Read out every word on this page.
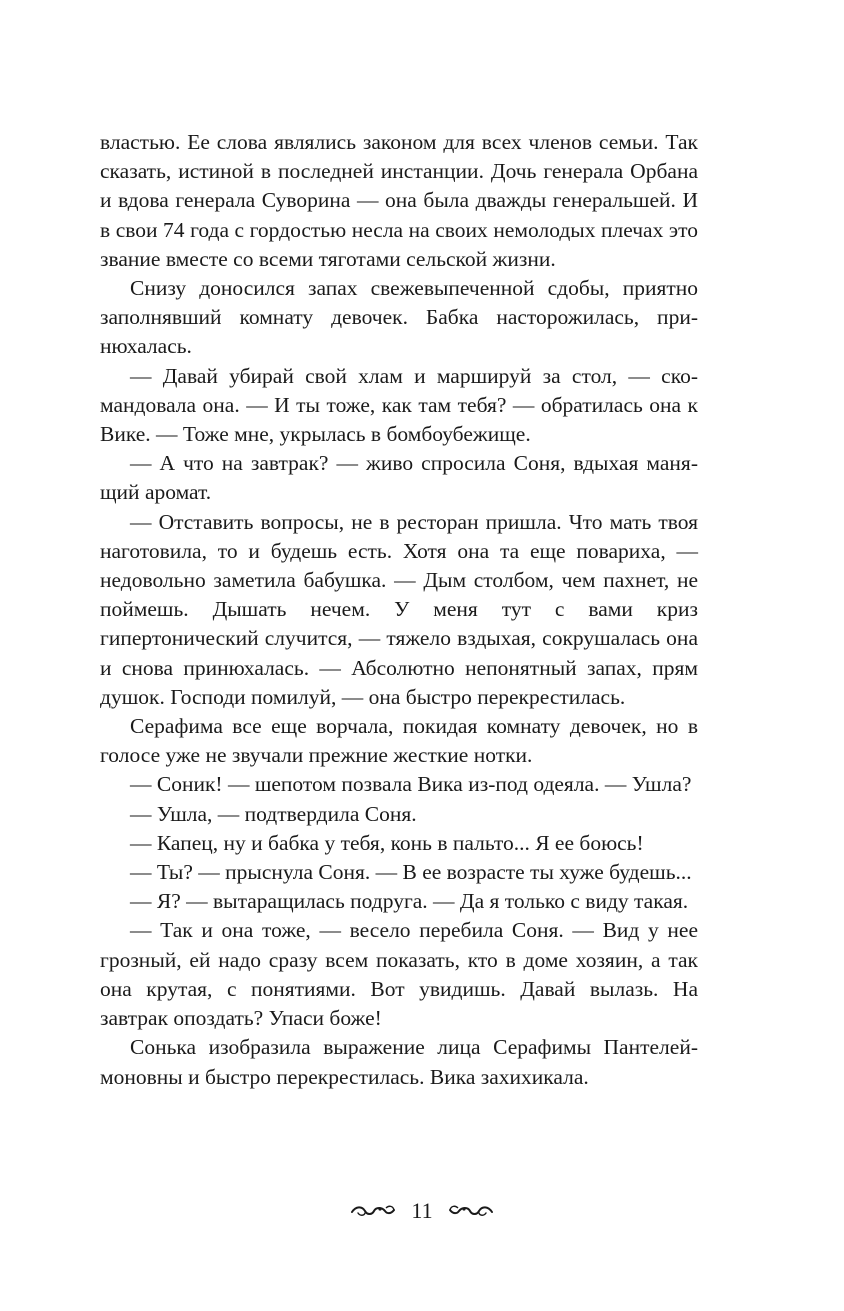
властью. Ее слова являлись законом для всех членов семьи. Так сказать, истиной в последней инстанции. Дочь генерала Орбана и вдова генерала Суворина — она была дважды генеральшей. И в свои 74 года с гордостью несла на своих немолодых плечах это звание вместе со всеми тяготами сельской жизни.

Снизу доносился запах свежевыпеченной сдобы, приятно заполнявший комнату девочек. Бабка насторожилась, принюхалась.

— Давай убирай свой хлам и маршируй за стол, — скомандовала она. — И ты тоже, как там тебя? — обратилась она к Вике. — Тоже мне, укрылась в бомбоубежище.

— А что на завтрак? — живо спросила Соня, вдыхая манящий аромат.

— Отставить вопросы, не в ресторан пришла. Что мать твоя наготовила, то и будешь есть. Хотя она та еще повариха, — недовольно заметила бабушка. — Дым столбом, чем пахнет, не поймешь. Дышать нечем. У меня тут с вами криз гипертонический случится, — тяжело вздыхая, сокрушалась она и снова принюхалась. — Абсолютно непонятный запах, прям душок. Господи помилуй, — она быстро перекрестилась.

Серафима все еще ворчала, покидая комнату девочек, но в голосе уже не звучали прежние жесткие нотки.

— Соник! — шепотом позвала Вика из-под одеяла. — Ушла?

— Ушла, — подтвердила Соня.

— Капец, ну и бабка у тебя, конь в пальто... Я ее боюсь!

— Ты? — прыснула Соня. — В ее возрасте ты хуже будешь...

— Я? — вытаращилась подруга. — Да я только с виду такая.

— Так и она тоже, — весело перебила Соня. — Вид у нее грозный, ей надо сразу всем показать, кто в доме хозяин, а так она крутая, с понятиями. Вот увидишь. Давай вылазь. На завтрак опоздать? Упаси боже!

Сонька изобразила выражение лица Серафимы Пантелеймоновны и быстро перекрестилась. Вика захихикала.

11
